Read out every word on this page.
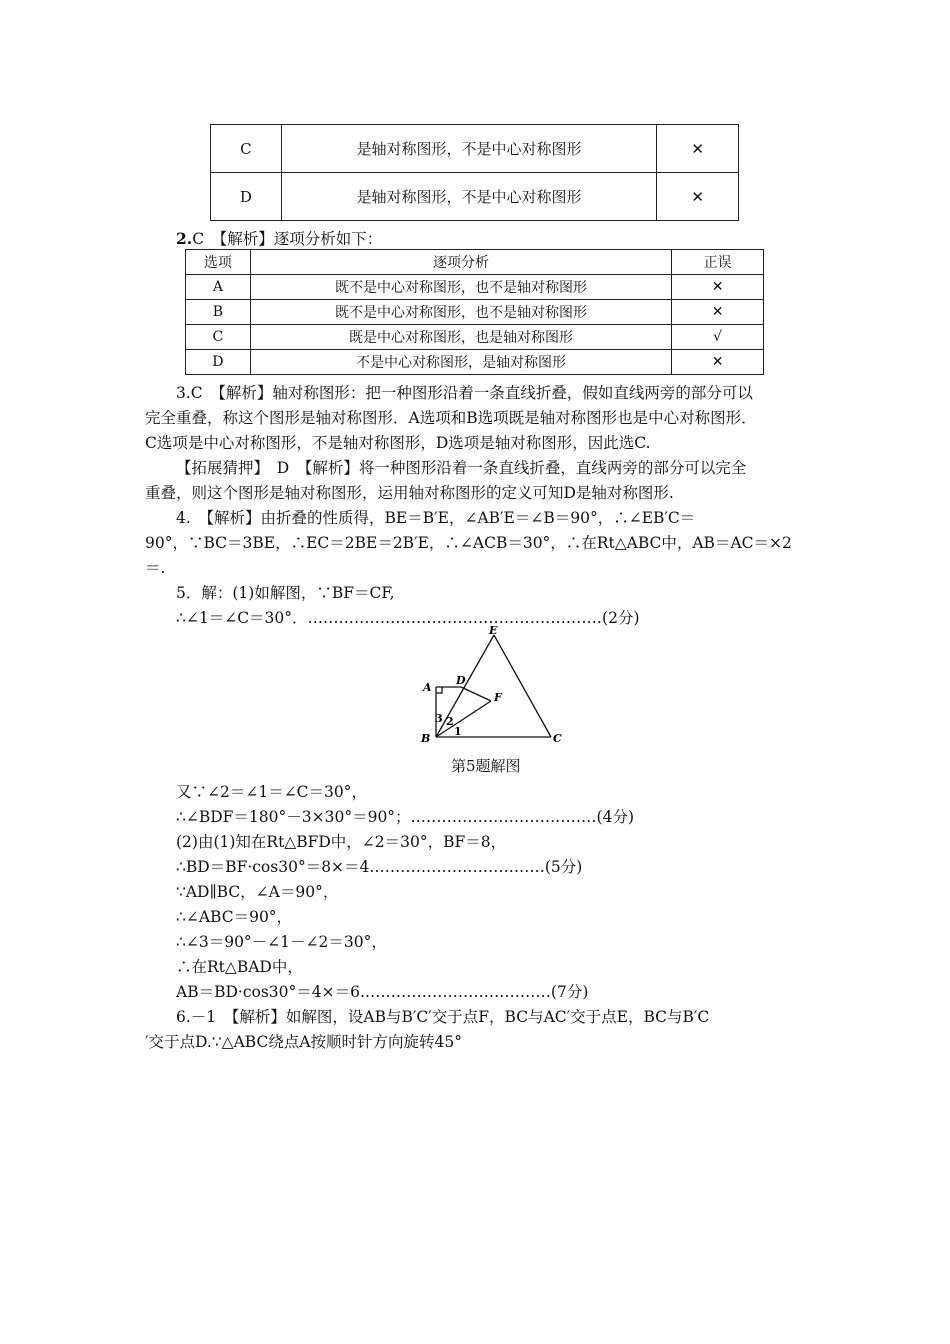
C	是轴对称图形，不是中心对称图形	✕
D	是轴对称图形，不是中心对称图形	✕
2.C　【解析】逐项分析如下：
选项	逐项分析	正误
A	既不是中心对称图形，也不是轴对称图形	✕
B	既不是中心对称图形，也不是轴对称图形	✕
C	既是中心对称图形，也是轴对称图形	√
D	不是中心对称图形，是轴对称图形	✕
3.C　【解析】轴对称图形：把一种图形沿着一条直线折叠，假如直线两旁的部分可以
完全重叠，称这个图形是轴对称图形．A选项和B选项既是轴对称图形也是中心对称图形．
C选项是中心对称图形，不是轴对称图形，D选项是轴对称图形，因此选C.
【拓展猜押】　D　【解析】将一种图形沿着一条直线折叠，直线两旁的部分可以完全
重叠，则这个图形是轴对称图形，运用轴对称图形的定义可知D是轴对称图形.
4.　【解析】由折叠的性质得，BE＝B′E，∠AB′E＝∠B＝90°，∴∠EB′C＝
90°，∵BC＝3BE，∴EC＝2BE＝2B′E，∴∠ACB＝30°，∴在Rt△ABC中，AB＝AC＝×2
＝.
5．解：(1)如解图，∵BF＝CF,
∴∠1＝∠C＝30°．…………………………………………………(2分)
A
B	C
D
E
F
1
2
3
第5题解图
又∵∠2＝∠1＝∠C＝30°，
∴∠BDF＝180°－3×30°＝90°；………………………………(4分)
(2)由(1)知在Rt△BFD中，∠2＝30°，BF＝8，
∴BD＝BF·cos30°＝8×＝4.……………………………(5分)
∵AD∥BC，∠A＝90°，
∴∠ABC＝90°，
∴∠3＝90°－∠1－∠2＝30°，
∴在Rt△BAD中，
AB＝BD·cos30°＝4×＝6.………………………………(7分)
6.－1　【解析】如解图，设AB与B′C′交于点F，BC与AC′交于点E，BC与B′C
′交于点D.∵△ABC绕点A按顺时针方向旋转45°
